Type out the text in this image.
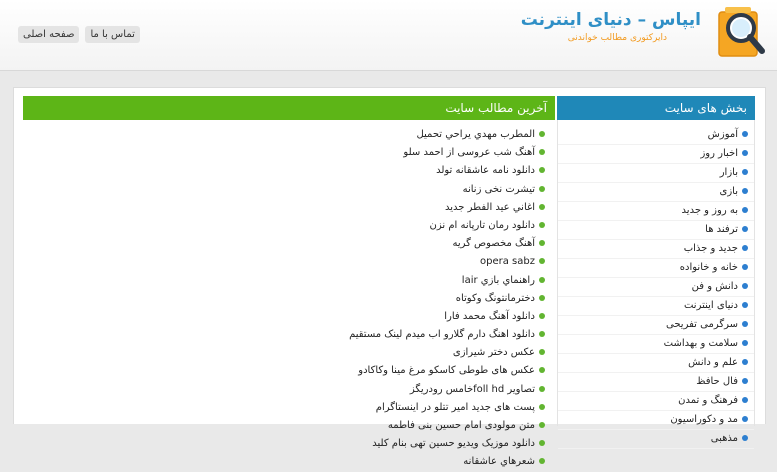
ایپاس – دنیای اینترنت
دایرکتوری مطالب خواندنی
صفحه اصلی	تماس با ما
بخش های سایت
آموزش
اخبار روز
بازار
بازی
به روز و جدید
ترفند ها
جدید و جذاب
خانه و خانواده
دانش و فن
دنیای اینترنت
سرگرمی تفریحی
سلامت و بهداشت
علم و دانش
فال حافظ
فرهنگ و تمدن
مد و دکوراسیون
مذهبی
آخرین مطالب سایت
المطرب مهدي يراحي تحميل
آهنگ شب عروسی از احمد سلو
دانلود نامه عاشقانه تولد
تیشرت نخی زنانه
اغاني عيد الفطر جديد
دانلود رمان تارپانه ام نزن
آهنگ مخصوص گریه
opera sabz
راهنماي بازي lair
دخترمانتونگ وکوتاه
دانلود آهنگ محمد فارا
دانلود اهنگ دارم گلارو اب میدم لینک مستقیم
عکس دختر شیرازی
عکس های طوطی کاسکو مرغ مینا وکاکادو
تصاویر foll hdخامس رودریگز
پست های جدید امیر تتلو در اینستاگرام
متن مولودی امام حسین بنی فاطمه
دانلود موزیک ویدیو حسین تهی بنام کلید
شعرهاي عاشقانه
